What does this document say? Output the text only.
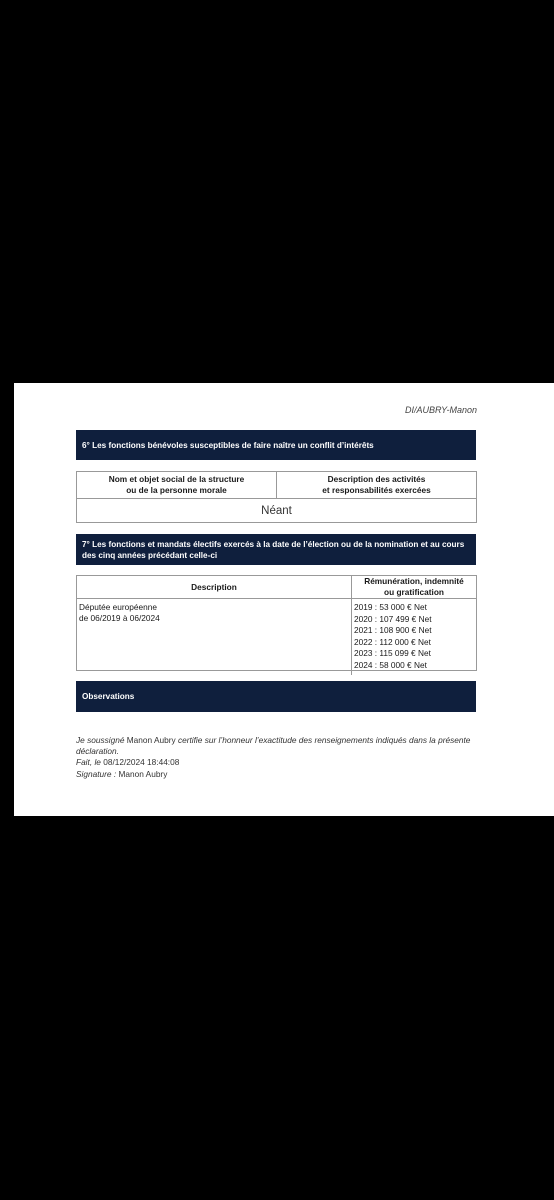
DI/AUBRY-Manon
6° Les fonctions bénévoles susceptibles de faire naître un conflit d’intérêts
Nom et objet social de la structure
ou de la personne morale
Description des activités
et responsabilités exercées
Néant
7° Les fonctions et mandats électifs exercés à la date de l’élection ou de la nomination et au cours des cinq années précédant celle-ci
Description
Rémunération, indemnité
ou gratification
Députée européenne
de 06/2019 à 06/2024
2019 : 53 000 € Net
2020 : 107 499 € Net
2021 : 108 900 € Net
2022 : 112 000 € Net
2023 : 115 099 € Net
2024 : 58 000 € Net
Observations
Je soussigné Manon Aubry certifie sur l’honneur l’exactitude des renseignements indiqués dans la présente déclaration.
Fait, le 08/12/2024 18:44:08
Signature : Manon Aubry
